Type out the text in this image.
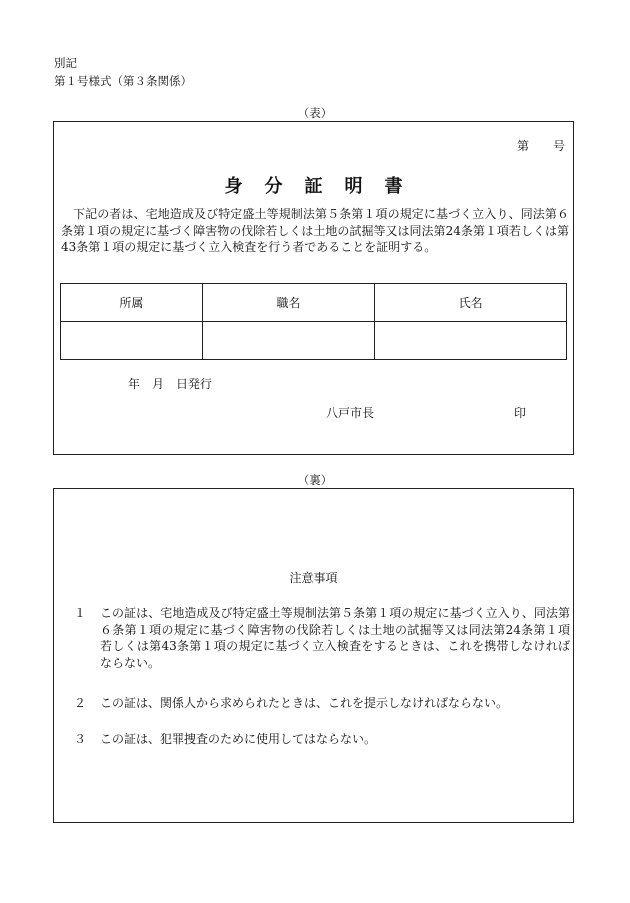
別記
第１号様式（第３条関係）
（表）
第　　号
身分証明書
下記の者は、宅地造成及び特定盛土等規制法第５条第１項の規定に基づく立入り、同法第６条第１項の規定に基づく障害物の伐除若しくは土地の試掘等又は同法第24条第１項若しくは第43条第１項の規定に基づく立入検査を行う者であることを証明する。
所属	職名	氏名

年　月　日発行
八戸市長	印
（裏）
注意事項
１	この証は、宅地造成及び特定盛土等規制法第５条第１項の規定に基づく立入り、同法第６条第１項の規定に基づく障害物の伐除若しくは土地の試掘等又は同法第24条第１項若しくは第43条第１項の規定に基づく立入検査をするときは、これを携帯しなければならない。
２	この証は、関係人から求められたときは、これを提示しなければならない。
３	この証は、犯罪捜査のために使用してはならない。
